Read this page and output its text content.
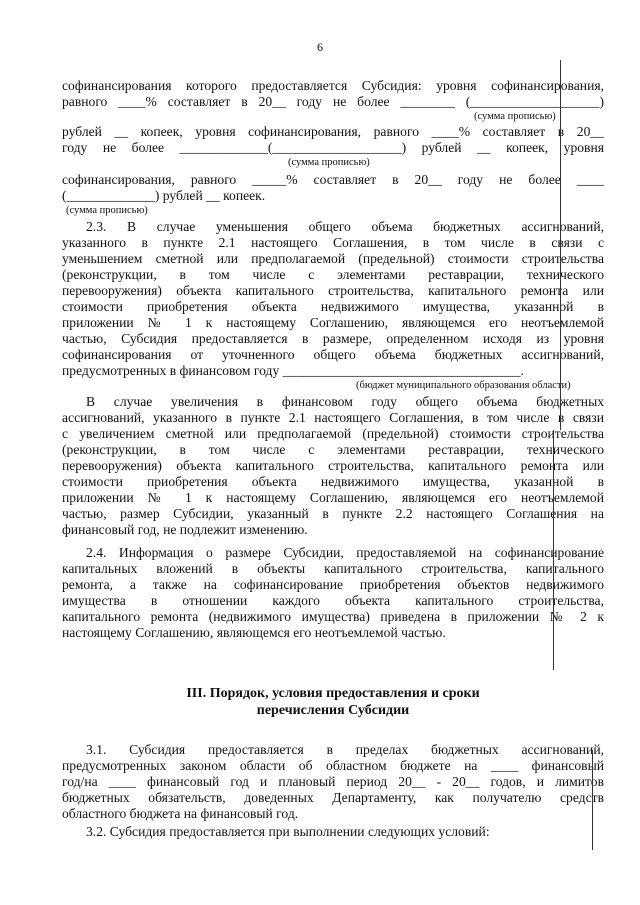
6
софинансирования которого предоставляется Субсидия: уровня софинансирования,
равного ____% составляет в 20__ году не более ________ (___________________)
(сумма прописью)
рублей __ копеек, уровня софинансирования, равного ____% составляет в 20__
году не более _____________(___________________) рублей __ копеек, уровня
(сумма прописью)
софинансирования, равного _____% составляет в 20__ году не более ____
(_____________) рублей __ копеек.
(сумма прописью)
2.3. В случае уменьшения общего объема бюджетных ассигнований,
указанного в пункте 2.1 настоящего Соглашения, в том числе в связи с
уменьшением сметной или предполагаемой (предельной) стоимости строительства
(реконструкции, в том числе с элементами реставрации, технического
перевооружения) объекта капитального строительства, капитального ремонта или
стоимости приобретения объекта недвижимого имущества, указанной в
приложении № 1 к настоящему Соглашению, являющемся его неотъемлемой
частью, Субсидия предоставляется в размере, определенном исходя из уровня
софинансирования от уточненного общего объема бюджетных ассигнований,
предусмотренных в финансовом году ___________________________________.
(бюджет муниципального образования области)
В случае увеличения в финансовом году общего объема бюджетных
ассигнований, указанного в пункте 2.1 настоящего Соглашения, в том числе в связи
с увеличением сметной или предполагаемой (предельной) стоимости строительства
(реконструкции, в том числе с элементами реставрации, технического
перевооружения) объекта капитального строительства, капитального ремонта или
стоимости приобретения объекта недвижимого имущества, указанной в
приложении № 1 к настоящему Соглашению, являющемся его неотъемлемой
частью, размер Субсидии, указанный в пункте 2.2 настоящего Соглашения на
финансовый год, не подлежит изменению.
2.4. Информация о размере Субсидии, предоставляемой на софинансирование
капитальных вложений в объекты капитального строительства, капитального
ремонта, а также на софинансирование приобретения объектов недвижимого
имущества в отношении каждого объекта капитального строительства,
капитального ремонта (недвижимого имущества) приведена в приложении № 2 к
настоящему Соглашению, являющемся его неотъемлемой частью.
III. Порядок, условия предоставления и сроки
перечисления Субсидии
3.1. Субсидия предоставляется в пределах бюджетных ассигнований,
предусмотренных законом области об областном бюджете на ____ финансовый
год/на ____ финансовый год и плановый период 20__ - 20__ годов, и лимитов
бюджетных обязательств, доведенных Департаменту, как получателю средств
областного бюджета на финансовый год.
3.2. Субсидия предоставляется при выполнении следующих условий:
